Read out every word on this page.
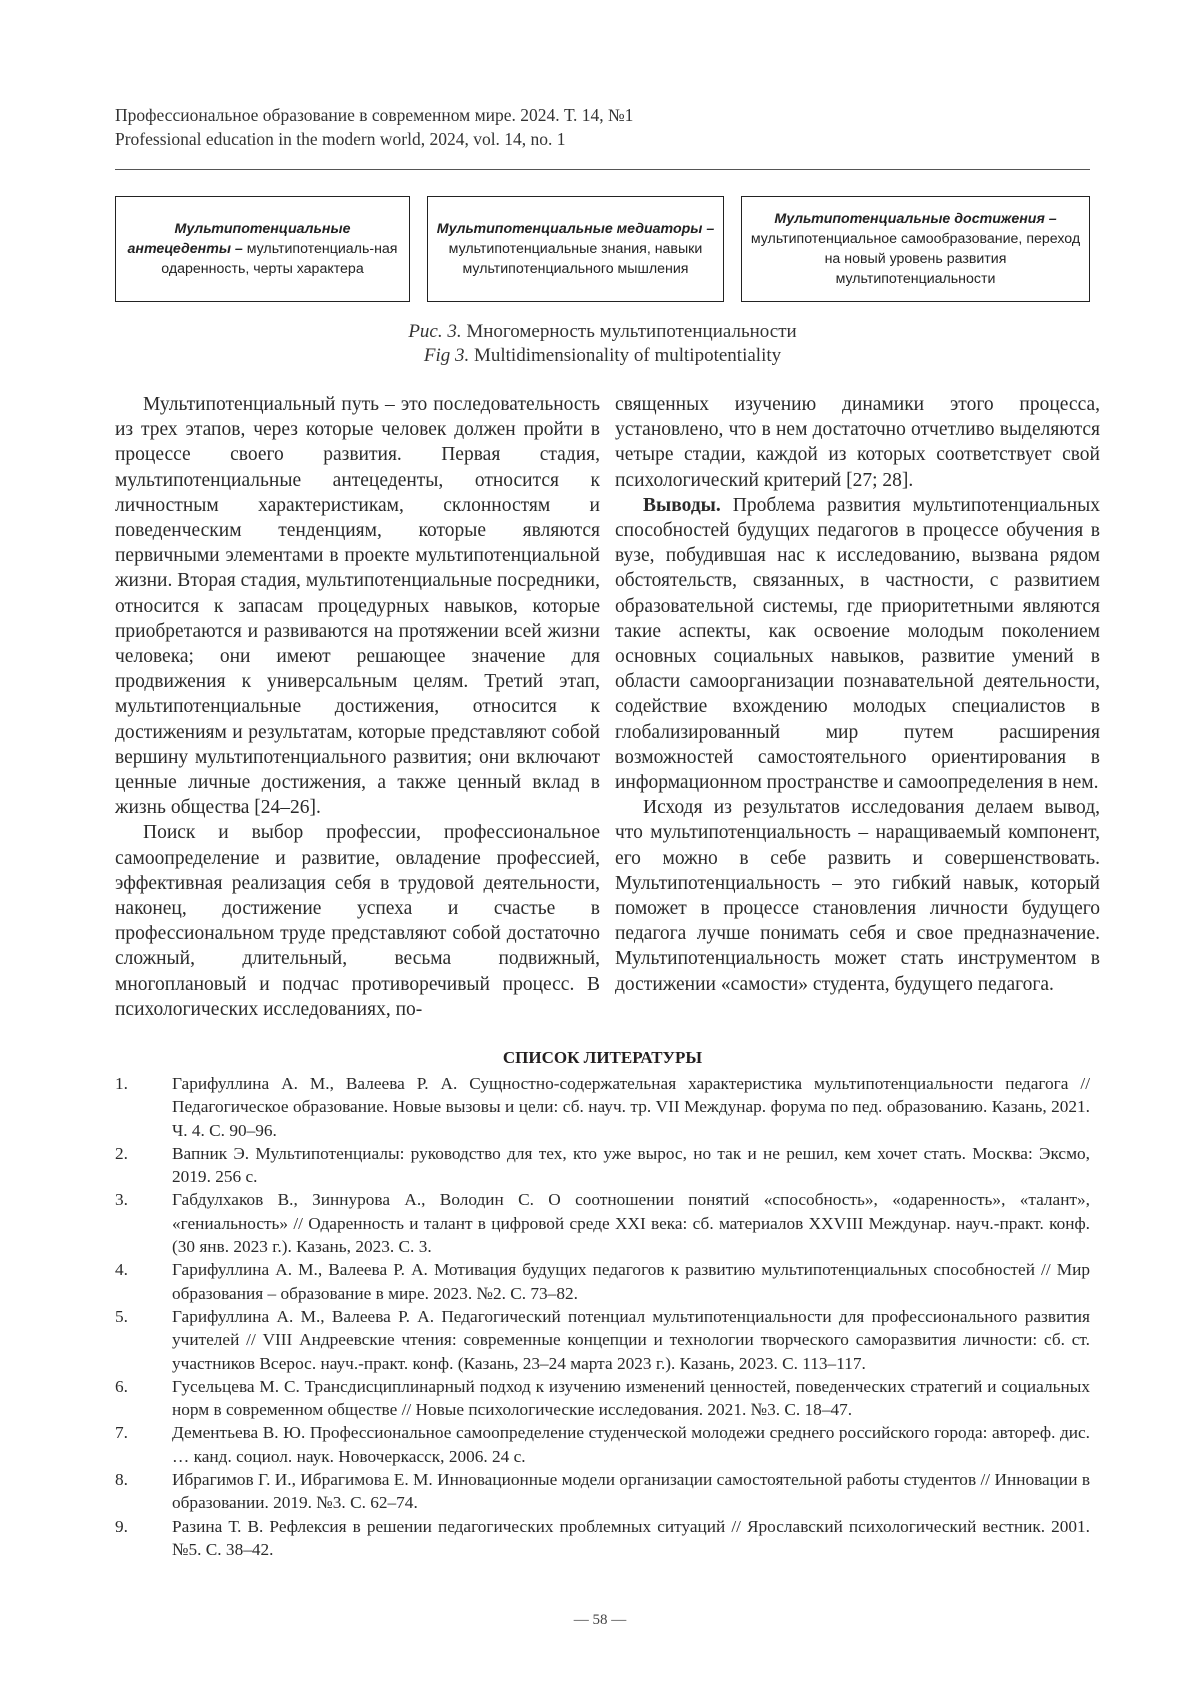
Профессиональное образование в современном мире. 2024. Т. 14, №1
Professional education in the modern world, 2024, vol. 14, no. 1
Мультипотенциальные антецеденты – мультипотенциаль-ная одаренность, черты характера
Мультипотенциальные медиаторы – мультипотенциальные знания, навыки мультипотенциального мышления
Мультипотенциальные достижения – мультипотенциальное самообразование, переход на новый уровень развития мультипотенциальности
Рис. 3. Многомерность мультипотенциальности
Fig 3. Multidimensionality of multipotentiality

Мультипотенциальный путь – это последовательность из трех этапов, через которые человек должен пройти в процессе своего развития. Первая стадия, мультипотенциальные антецеденты, относится к личностным характеристикам, склонностям и поведенческим тенденциям, которые являются первичными элементами в проекте мультипотенциальной жизни. Вторая стадия, мультипотенциальные посредники, относится к запасам процедурных навыков, которые приобретаются и развиваются на протяжении всей жизни человека; они имеют решающее значение для продвижения к универсальным целям. Третий этап, мультипотенциальные достижения, относится к достижениям и результатам, которые представляют собой вершину мультипотенциального развития; они включают ценные личные достижения, а также ценный вклад в жизнь общества [24–26].

Поиск и выбор профессии, профессиональное самоопределение и развитие, овладение профессией, эффективная реализация себя в трудовой деятельности, наконец, достижение успеха и счастье в профессиональном труде представляют собой достаточно сложный, длительный, весьма подвижный, многоплановый и подчас противоречивый процесс. В психологических исследованиях, по-

священных изучению динамики этого процесса, установлено, что в нем достаточно отчетливо выделяются четыре стадии, каждой из которых соответствует свой психологический критерий [27; 28].

Выводы. Проблема развития мультипотенциальных способностей будущих педагогов в процессе обучения в вузе, побудившая нас к исследованию, вызвана рядом обстоятельств, связанных, в частности, с развитием образовательной системы, где приоритетными являются такие аспекты, как освоение молодым поколением основных социальных навыков, развитие умений в области самоорганизации познавательной деятельности, содействие вхождению молодых специалистов в глобализированный мир путем расширения возможностей самостоятельного ориентирования в информационном пространстве и самоопределения в нем.

Исходя из результатов исследования делаем вывод, что мультипотенциальность – наращиваемый компонент, его можно в себе развить и совершенствовать. Мультипотенциальность – это гибкий навык, который поможет в процессе становления личности будущего педагога лучше понимать себя и свое предназначение. Мультипотенциальность может стать инструментом в достижении «самости» студента, будущего педагога.

СПИСОК ЛИТЕРАТУРЫ
1.	Гарифуллина А. М., Валеева Р. А. Сущностно-содержательная характеристика мультипотенциальности педагога // Педагогическое образование. Новые вызовы и цели: сб. науч. тр. VII Междунар. форума по пед. образованию. Казань, 2021. Ч. 4. С. 90–96.
2.	Вапник Э. Мультипотенциалы: руководство для тех, кто уже вырос, но так и не решил, кем хочет стать. Москва: Эксмо, 2019. 256 с.
3.	Габдулхаков В., Зиннурова А., Володин С. О соотношении понятий «способность», «одаренность», «талант», «гениальность» // Одаренность и талант в цифровой среде XXI века: сб. материалов XXVIII Междунар. науч.-практ. конф. (30 янв. 2023 г.). Казань, 2023. С. 3.
4.	Гарифуллина А. М., Валеева Р. А. Мотивация будущих педагогов к развитию мультипотенциальных способностей // Мир образования – образование в мире. 2023. №2. С. 73–82.
5.	Гарифуллина А. М., Валеева Р. А. Педагогический потенциал мультипотенциальности для профессионального развития учителей // VIII Андреевские чтения: современные концепции и технологии творческого саморазвития личности: сб. ст. участников Всерос. науч.-практ. конф. (Казань, 23–24 марта 2023 г.). Казань, 2023. С. 113–117.
6.	Гусельцева М. С. Трансдисциплинарный подход к изучению изменений ценностей, поведенческих стратегий и социальных норм в современном обществе // Новые психологические исследования. 2021. №3. С. 18–47.
7.	Дементьева В. Ю. Профессиональное самоопределение студенческой молодежи среднего российского города: автореф. дис. … канд. социол. наук. Новочеркасск, 2006. 24 с.
8.	Ибрагимов Г. И., Ибрагимова Е. М. Инновационные модели организации самостоятельной работы студентов // Инновации в образовании. 2019. №3. С. 62–74.
9.	Разина Т. В. Рефлексия в решении педагогических проблемных ситуаций // Ярославский психологический вестник. 2001. №5. С. 38–42.
— 58 —
